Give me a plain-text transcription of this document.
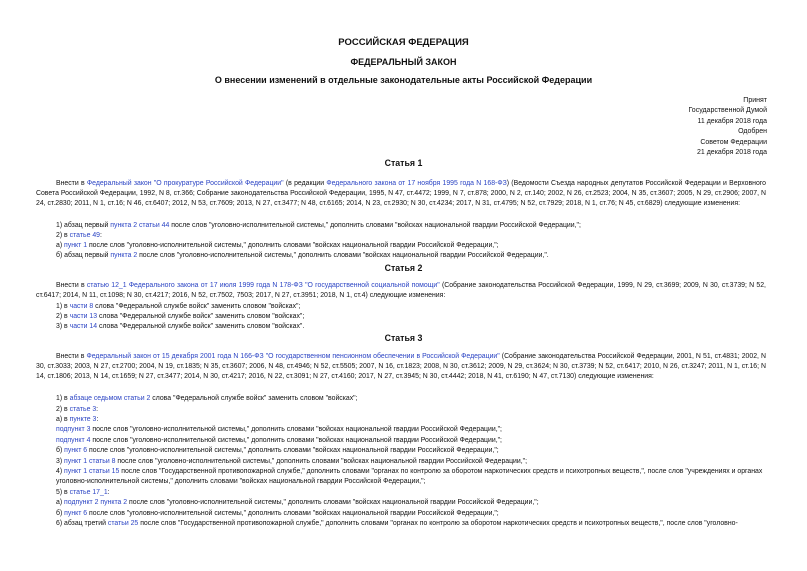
РОССИЙСКАЯ ФЕДЕРАЦИЯ
ФЕДЕРАЛЬНЫЙ ЗАКОН
О внесении изменений в отдельные законодательные акты Российской Федерации
Принят
Государственной Думой
11 декабря 2018 года
Одобрен
Советом Федерации
21 декабря 2018 года
Статья 1
Внести в Федеральный закон "О прокуратуре Российской Федерации" (в редакции Федерального закона от 17 ноября 1995 года N 168-ФЗ) (Ведомости Съезда народных депутатов Российской Федерации и Верховного Совета Российской Федерации, 1992, N 8, ст.366; Собрание законодательства Российской Федерации, 1995, N 47, ст.4472; 1999, N 7, ст.878; 2000, N 2, ст.140; 2002, N 26, ст.2523; 2004, N 35, ст.3607; 2005, N 29, ст.2906; 2007, N 24, ст.2830; 2011, N 1, ст.16; N 46, ст.6407; 2012, N 53, ст.7609; 2013, N 27, ст.3477; N 48, ст.6165; 2014, N 23, ст.2930; N 30, ст.4234; 2017, N 31, ст.4795; N 52, ст.7929; 2018, N 1, ст.76; N 45, ст.6829) следующие изменения:
1) абзац первый пункта 2 статьи 44 после слов "уголовно-исполнительной системы," дополнить словами "войсках национальной гвардии Российской Федерации,";
2) в статье 49:
а) пункт 1 после слов "уголовно-исполнительной системы," дополнить словами "войсках национальной гвардии Российской Федерации,";
б) абзац первый пункта 2 после слов "уголовно-исполнительной системы," дополнить словами "войсках национальной гвардии Российской Федерации,".
Статья 2
Внести в статью 12_1 Федерального закона от 17 июля 1999 года N 178-ФЗ "О государственной социальной помощи" (Собрание законодательства Российской Федерации, 1999, N 29, ст.3699; 2009, N 30, ст.3739; N 52, ст.6417; 2014, N 11, ст.1098; N 30, ст.4217; 2016, N 52, ст.7502, 7503; 2017, N 27, ст.3951; 2018, N 1, ст.4) следующие изменения:
1) в части 8 слова "Федеральной службе войск" заменить словом "войсках";
2) в части 13 слова "Федеральной службе войск" заменить словом "войсках";
3) в части 14 слова "Федеральной службе войск" заменить словом "войсках".
Статья 3
Внести в Федеральный закон от 15 декабря 2001 года N 166-ФЗ "О государственном пенсионном обеспечении в Российской Федерации" (Собрание законодательства Российской Федерации, 2001, N 51, ст.4831; 2002, N 30, ст.3033; 2003, N 27, ст.2700; 2004, N 19, ст.1835; N 35, ст.3607; 2006, N 48, ст.4946; N 52, ст.5505; 2007, N 16, ст.1823; 2008, N 30, ст.3612; 2009, N 29, ст.3624; N 30, ст.3739; N 52, ст.6417; 2010, N 26, ст.3247; 2011, N 1, ст.16; N 14, ст.1806; 2013, N 14, ст.1659; N 27, ст.3477; 2014, N 30, ст.4217; 2016, N 22, ст.3091; N 27, ст.4160; 2017, N 27, ст.3945; N 30, ст.4442; 2018, N 41, ст.6190; N 47, ст.7130) следующие изменения:
1) в абзаце седьмом статьи 2 слова "Федеральной службе войск" заменить словом "войсках";
2) в статье 3:
а) в пункте 3:
подпункт 3 после слов "уголовно-исполнительной системы," дополнить словами "войсках национальной гвардии Российской Федерации,";
подпункт 4 после слов "уголовно-исполнительной системы," дополнить словами "войсках национальной гвардии Российской Федерации,";
б) пункт 6 после слов "уголовно-исполнительной системы," дополнить словами "войсках национальной гвардии Российской Федерации,";
3) пункт 1 статьи 8 после слов "уголовно-исполнительной системы," дополнить словами "войсках национальной гвардии Российской Федерации,";
4) пункт 1 статьи 15 после слов "Государственной противопожарной службе," дополнить словами "органах по контролю за оборотом наркотических средств и психотропных веществ,", после слов "учреждениях и органах уголовно-исполнительной системы," дополнить словами "войсках национальной гвардии Российской Федерации,";
5) в статье 17_1:
а) подпункт 2 пункта 2 после слов "уголовно-исполнительной системы," дополнить словами "войсках национальной гвардии Российской Федерации,";
б) пункт 6 после слов "уголовно-исполнительной системы," дополнить словами "войсках национальной гвардии Российской Федерации,";
6) абзац третий статьи 25 после слов "Государственной противопожарной службе," дополнить словами "органах по контролю за оборотом наркотических средств и психотропных веществ,", после слов "уголовно-
